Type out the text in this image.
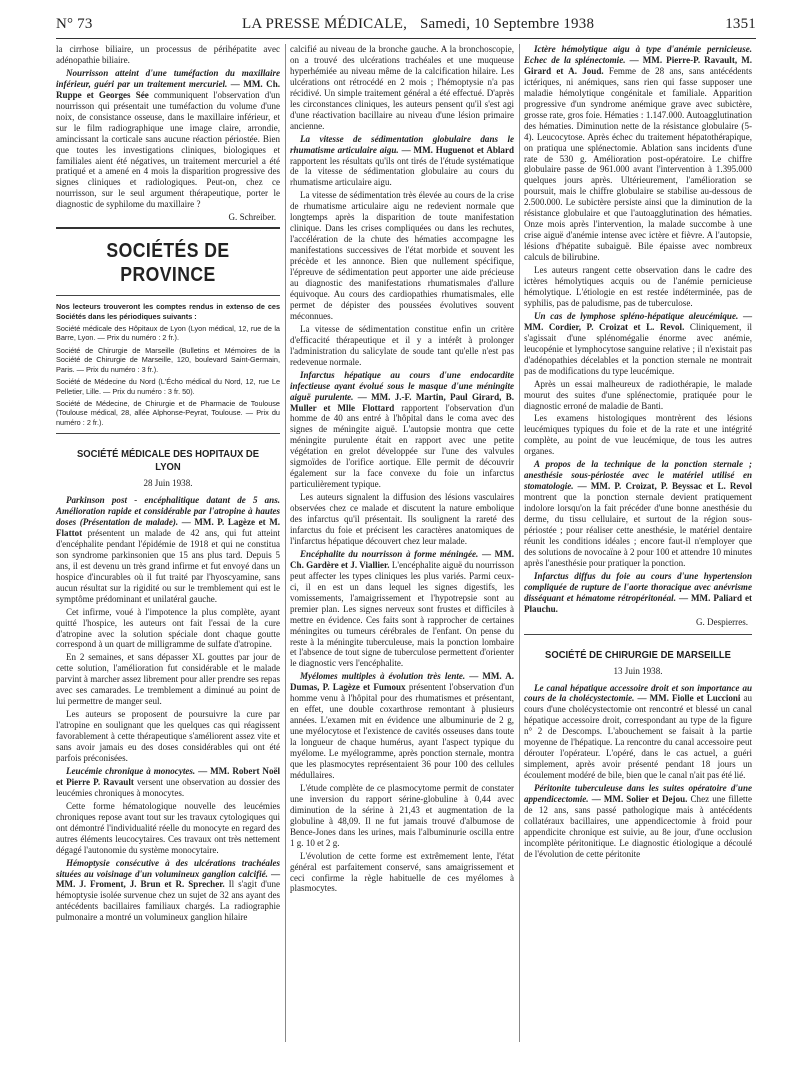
N° 73	LA PRESSE MÉDICALE, Samedi, 10 Septembre 1938	1351

la cirrhose biliaire, un processus de périhépatite avec adénopathie biliaire.

Nourrisson atteint d'une tuméfaction du maxillaire inférieur, guéri par un traitement mercuriel. — MM. Ch. Ruppe et Georges Sée communiquent l'observation d'un nourrisson qui présentait une tuméfaction du volume d'une noix, de consistance osseuse, dans le maxillaire inférieur, et sur le film radiographique une image claire, arrondie, amincissant la corticale sans aucune réaction périostée. Bien que toutes les investigations cliniques, biologiques et familiales aient été négatives, un traitement mercuriel a été pratiqué et a amené en 4 mois la disparition progressive des signes cliniques et radiologiques. Peut-on, chez ce nourrisson, sur le seul argument thérapeutique, porter le diagnostic de syphilome du maxillaire ?

G. Schreiber.

SOCIÉTÉS DE PROVINCE

Nos lecteurs trouveront les comptes rendus in extenso de ces Sociétés dans les périodiques suivants :

Société médicale des Hôpitaux de Lyon (Lyon médical, 12, rue de la Barre, Lyon. — Prix du numéro : 2 fr.).

Société de Chirurgie de Marseille (Bulletins et Mémoires de la Société de Chirurgie de Marseille, 120, boulevard Saint-Germain, Paris. — Prix du numéro : 3 fr.).

Société de Médecine du Nord (L'Écho médical du Nord, 12, rue Le Pelletier, Lille. — Prix du numéro : 3 fr. 50).

Société de Médecine, de Chirurgie et de Pharmacie de Toulouse (Toulouse médical, 28, allée Alphonse-Peyrat, Toulouse. — Prix du numéro : 2 fr.).

SOCIÉTÉ MÉDICALE DES HOPITAUX DE LYON

28 Juin 1938.

Parkinson post - encéphalitique datant de 5 ans. Amélioration rapide et considérable par l'atropine à hautes doses (Présentation de malade). — MM. P. Lagèze et M. Flattot présentent un malade de 42 ans, qui fut atteint d'encéphalite pendant l'épidémie de 1918 et qui ne constitua son syndrome parkinsonien que 15 ans plus tard. Depuis 5 ans, il est devenu un très grand infirme et fut envoyé dans un hospice d'incurables où il fut traité par l'hyoscyamine, sans aucun résultat sur la rigidité ou sur le tremblement qui est le symptôme prédominant et unilatéral gauche.

Cet infirme, voué à l'impotence la plus complète, ayant quitté l'hospice, les auteurs ont fait l'essai de la cure d'atropine avec la solution spéciale dont chaque goutte correspond à un quart de milligramme de sulfate d'atropine.

En 2 semaines, et sans dépasser XL gouttes par jour de cette solution, l'amélioration fut considérable et le malade parvint à marcher assez librement pour aller prendre ses repas avec ses camarades. Le tremblement a diminué au point de lui permettre de manger seul.

Les auteurs se proposent de poursuivre la cure par l'atropine en soulignant que les quelques cas qui réagissent favorablement à cette thérapeutique s'améliorent assez vite et sans avoir jamais eu des doses considérables qui ont été parfois préconisées.

Leucémie chronique à monocytes. — MM. Robert Noël et Pierre P. Ravault versent une observation au dossier des leucémies chroniques à monocytes.

Cette forme hématologique nouvelle des leucémies chroniques repose avant tout sur les travaux cytologiques qui ont démontré l'individualité réelle du monocyte en regard des autres éléments leucocytaires. Ces travaux ont très nettement dégagé l'autonomie du système monocytaire.

Hémoptysie consécutive à des ulcérations trachéales situées au voisinage d'un volumineux ganglion calcifié. — MM. J. Froment, J. Brun et R. Sprecher. Il s'agit d'une hémoptysie isolée survenue chez un sujet de 32 ans ayant des antécédents bacillaires familiaux chargés. La radiographie pulmonaire a montré un volumineux ganglion hilaire

calcifié au niveau de la bronche gauche. A la bronchoscopie, on a trouvé des ulcérations trachéales et une muqueuse hyperhémiée au niveau même de la calcification hilaire. Les ulcérations ont rétrocédé en 2 mois ; l'hémoptysie n'a pas récidivé. Un simple traitement général a été effectué. D'après les circonstances cliniques, les auteurs pensent qu'il s'est agi d'une réactivation bacillaire au niveau d'une lésion primaire ancienne.

La vitesse de sédimentation globulaire dans le rhumatisme articulaire aigu. — MM. Huguenot et Ablard rapportent les résultats qu'ils ont tirés de l'étude systématique de la vitesse de sédimentation globulaire au cours du rhumatisme articulaire aigu.

La vitesse de sédimentation très élevée au cours de la crise de rhumatisme articulaire aigu ne redevient normale que longtemps après la disparition de toute manifestation clinique. Dans les crises compliquées ou dans les rechutes, l'accélération de la chute des hématies accompagne les manifestations successives de l'état morbide et souvent les précède et les annonce. Bien que nullement spécifique, l'épreuve de sédimentation peut apporter une aide précieuse au diagnostic des manifestations rhumatismales d'allure équivoque. Au cours des cardiopathies rhumatismales, elle permet de dépister des poussées évolutives souvent méconnues.

La vitesse de sédimentation constitue enfin un critère d'efficacité thérapeutique et il y a intérêt à prolonger l'administration du salicylate de soude tant qu'elle n'est pas redevenue normale.

Infarctus hépatique au cours d'une endocardite infectieuse ayant évolué sous le masque d'une méningite aiguë purulente. — MM. J.-F. Martin, Paul Girard, B. Muller et Mlle Flottard rapportent l'observation d'un homme de 40 ans entré à l'hôpital dans le coma avec des signes de méningite aiguë. L'autopsie montra que cette méningite purulente était en rapport avec une petite végétation en grelot développée sur l'une des valvules sigmoïdes de l'orifice aortique. Elle permit de découvrir également sur la face convexe du foie un infarctus particulièrement typique.

Les auteurs signalent la diffusion des lésions vasculaires observées chez ce malade et discutent la nature embolique des infarctus qu'il présentait. Ils soulignent la rareté des infarctus du foie et précisent les caractères anatomiques de l'infarctus hépatique découvert chez leur malade.

Encéphalite du nourrisson à forme méningée. — MM. Ch. Gardère et J. Viallier. L'encéphalite aiguë du nourrisson peut affecter les types cliniques les plus variés. Parmi ceux-ci, il en est un dans lequel les signes digestifs, les vomissements, l'amaigrissement et l'hypotrepsie sont au premier plan. Les signes nerveux sont frustes et difficiles à mettre en évidence. Ces faits sont à rapprocher de certaines méningites ou tumeurs cérébrales de l'enfant. On pense du reste à la méningite tuberculeuse, mais la ponction lombaire et l'absence de tout signe de tuberculose permettent d'orienter le diagnostic vers l'encéphalite.

Myélomes multiples à évolution très lente. — MM. A. Dumas, P. Lagèze et Fumoux présentent l'observation d'un homme venu à l'hôpital pour des rhumatismes et présentant, en effet, une double coxarthrose remontant à plusieurs années. L'examen mit en évidence une albuminurie de 2 g, une myélocytose et l'existence de cavités osseuses dans toute la longueur de chaque humérus, ayant l'aspect typique du myélome. Le myélogramme, après ponction sternale, montra que les plasmocytes représentaient 36 pour 100 des cellules médullaires.

L'étude complète de ce plasmocytome permit de constater une inversion du rapport sérine-globuline à 0,44 avec diminution de la sérine à 21,43 et augmentation de la globuline à 48,09. Il ne fut jamais trouvé d'albumose de Bence-Jones dans les urines, mais l'albuminurie oscilla entre 1 g. 10 et 2 g.

L'évolution de cette forme est extrêmement lente, l'état général est parfaitement conservé, sans amaigrissement et ceci confirme la règle habituelle de ces myélomes à plasmocytes.

Ictère hémolytique aigu à type d'anémie pernicieuse. Echec de la splénectomie. — MM. Pierre-P. Ravault, M. Girard et A. Joud. Femme de 28 ans, sans antécédents ictériques, ni anémiques, sans rien qui fasse supposer une maladie hémolytique congénitale et familiale. Apparition progressive d'un syndrome anémique grave avec subictère, grosse rate, gros foie. Hématies : 1.147.000. Autoagglutination des hématies. Diminution nette de la résistance globulaire (5-4). Leucocytose. Après échec du traitement hépatothérapique, on pratiqua une splénectomie. Ablation sans incidents d'une rate de 530 g. Amélioration post-opératoire. Le chiffre globulaire passe de 961.000 avant l'intervention à 1.395.000 quelques jours après. Ultérieurement, l'amélioration se poursuit, mais le chiffre globulaire se stabilise au-dessous de 2.500.000. Le subictère persiste ainsi que la diminution de la résistance globulaire et que l'autoagglutination des hématies. Onze mois après l'intervention, la malade succombe à une crise aiguë d'anémie intense avec ictère et fièvre. A l'autopsie, lésions d'hépatite subaiguë. Bile épaisse avec nombreux calculs de bilirubine.

Les auteurs rangent cette observation dans le cadre des ictères hémolytiques acquis ou de l'anémie pernicieuse hémolytique. L'étiologie en est restée indéterminée, pas de syphilis, pas de paludisme, pas de tuberculose.

Un cas de lymphose spléno-hépatique aleucémique. — MM. Cordier, P. Croizat et L. Revol. Cliniquement, il s'agissait d'une splénomégalie énorme avec anémie, leucopénie et lymphocytose sanguine relative ; il n'existait pas d'adénopathies décelables et la ponction sternale ne montrait pas de modifications du type leucémique.

Après un essai malheureux de radiothérapie, le malade mourut des suites d'une splénectomie, pratiquée pour le diagnostic erroné de maladie de Banti.

Les examens histologiques montrèrent des lésions leucémiques typiques du foie et de la rate et une intégrité complète, au point de vue leucémique, de tous les autres organes.

A propos de la technique de la ponction sternale ; anesthésie sous-périostée avec le matériel utilisé en stomatologie. — MM. P. Croizat, P. Beyssac et L. Revol montrent que la ponction sternale devient pratiquement indolore lorsqu'on la fait précéder d'une bonne anesthésie du derme, du tissu cellulaire, et surtout de la région sous-périostée ; pour réaliser cette anesthésie, le matériel dentaire réunit les conditions idéales ; encore faut-il n'employer que des solutions de novocaïne à 2 pour 100 et attendre 10 minutes après l'anesthésie pour pratiquer la ponction.

Infarctus diffus du foie au cours d'une hypertension compliquée de rupture de l'aorte thoracique avec anévrisme disséquant et hématome rétropéritonéal. — MM. Paliard et Plauchu.

G. Despierres.

SOCIÉTÉ DE CHIRURGIE DE MARSEILLE

13 Juin 1938.

Le canal hépatique accessoire droit et son importance au cours de la cholécystectomie. — MM. Fiolle et Luccioni au cours d'une cholécystectomie ont rencontré et blessé un canal hépatique accessoire droit, correspondant au type de la figure n° 2 de Descomps. L'abouchement se faisait à la partie moyenne de l'hépatique. La rencontre du canal accessoire peut dérouter l'opérateur. L'opéré, dans le cas actuel, a guéri simplement, après avoir présenté pendant 18 jours un écoulement modéré de bile, bien que le canal n'ait pas été lié.

Péritonite tuberculeuse dans les suites opératoire d'une appendicectomie. — MM. Solier et Dejou. Chez une fillette de 12 ans, sans passé pathologique mais à antécédents collatéraux bacillaires, une appendicectomie à froid pour appendicite chronique est suivie, au 8e jour, d'une occlusion incomplète péritonitique. Le diagnostic étiologique a découlé de l'évolution de cette péritonite
